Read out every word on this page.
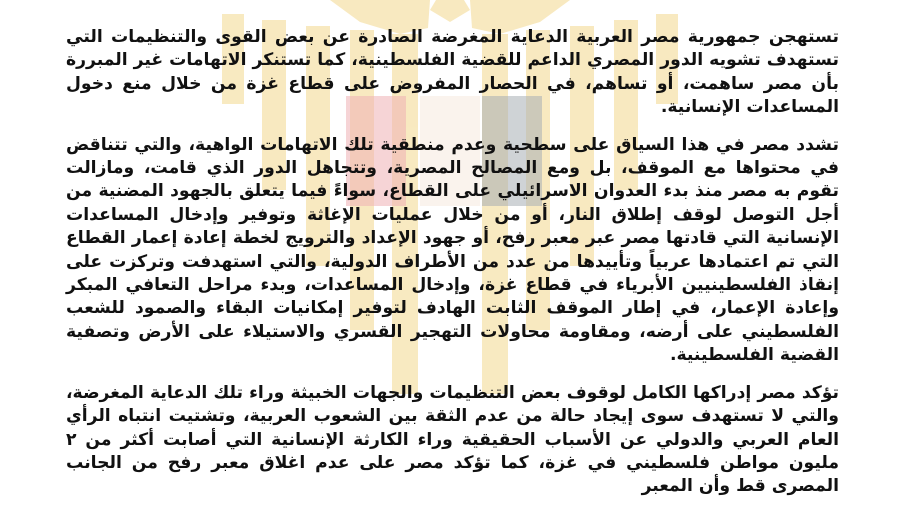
تستهجن جمهورية مصر العربية الدعاية المغرضة الصادرة عن بعض القوى والتنظيمات التي تستهدف تشويه الدور المصري الداعم للقضية الفلسطينية، كما تستنكر الاتهامات غير المبررة بأن مصر ساهمت، أو تساهم، في الحصار المفروض على قطاع غزة من خلال منع دخول المساعدات الإنسانية.

تشدد مصر في هذا السياق على سطحية وعدم منطقية تلك الاتهامات الواهية، والتي تتناقض في محتواها مع الموقف، بل ومع المصالح المصرية، وتتجاهل الدور الذي قامت، ومازالت تقوم به مصر منذ بدء العدوان الاسرائيلي على القطاع، سواءً فيما يتعلق بالجهود المضنية من أجل التوصل لوقف إطلاق النار، أو من خلال عمليات الإغاثة وتوفير وإدخال المساعدات الإنسانية التي قادتها مصر عبر معبر رفح، أو جهود الإعداد والترويج لخطة إعادة إعمار القطاع التي تم اعتمادها عربياً وتأييدها من عدد من الأطراف الدولية، والتي استهدفت وتركزت على إنقاذ الفلسطينيين الأبرياء في قطاع غزة، وإدخال المساعدات، وبدء مراحل التعافي المبكر وإعادة الإعمار، في إطار الموقف الثابت الهادف لتوفير إمكانيات البقاء والصمود للشعب الفلسطيني على أرضه، ومقاومة محاولات التهجير القسري والاستيلاء على الأرض وتصفية القضية الفلسطينية.

تؤكد مصر إدراكها الكامل لوقوف بعض التنظيمات والجهات الخبيثة وراء تلك الدعاية المغرضة، والتي لا تستهدف سوى إيجاد حالة من عدم الثقة بين الشعوب العربية، وتشتيت انتباه الرأي العام العربي والدولي عن الأسباب الحقيقية وراء الكارثة الإنسانية التي أصابت أكثر من ٢ مليون مواطن فلسطيني في غزة، كما تؤكد مصر على عدم اغلاق معبر رفح من الجانب المصرى قط وأن المعبر
